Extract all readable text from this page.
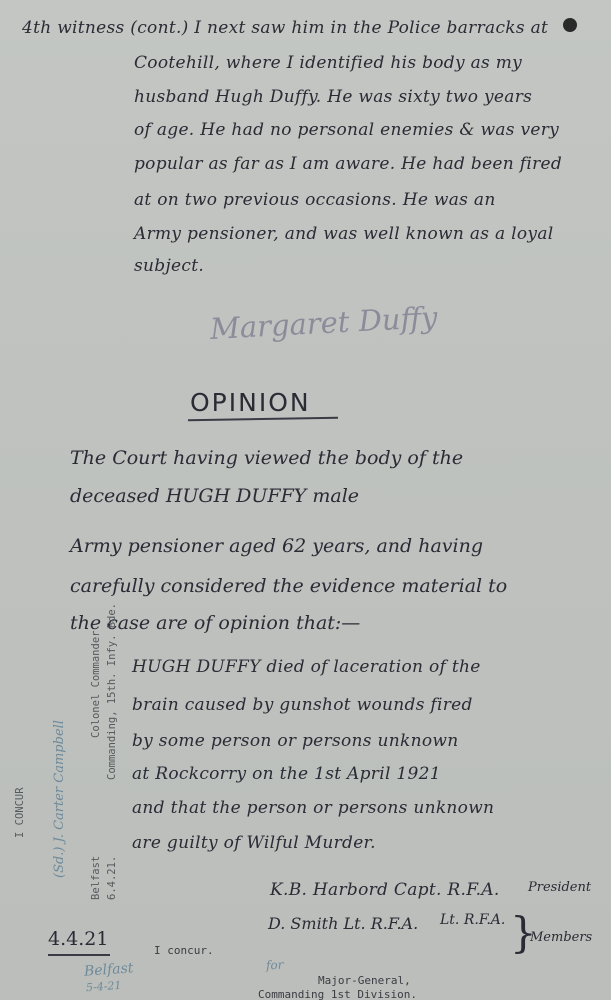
4th witness (cont.) I next saw him in the Police barracks at
Cootehill, where I identified his body as my
husband Hugh Duffy. He was sixty two years
of age. He had no personal enemies & was very
popular as far as I am aware. He had been fired
at on two previous occasions. He was an
Army pensioner, and was well known as a loyal
subject.
Margaret Duffy
OPINION
The Court having viewed the body of the
deceased HUGH DUFFY male
Army pensioner aged 62 years, and having
carefully considered the evidence material to
the case are of opinion that:—
HUGH DUFFY died of laceration of the
brain caused by gunshot wounds fired
by some person or persons unknown
at Rockcorry on the 1st April 1921
and that the person or persons unknown
are guilty of Wilful Murder.
K.B. Harbord Capt. R.F.A. President
D. Smith Lt. R.F.A. Lt. R.F.A. }
Members
4.4.21
I CONCUR
Colonel Commander Commanding, 15th. Infy. Bde.
Belfast 6.4.21.
(Sd.) J. Carter Campbell
I concur.
Major-General,
Commanding 1st Division.
for
Belfast
5-4-21
